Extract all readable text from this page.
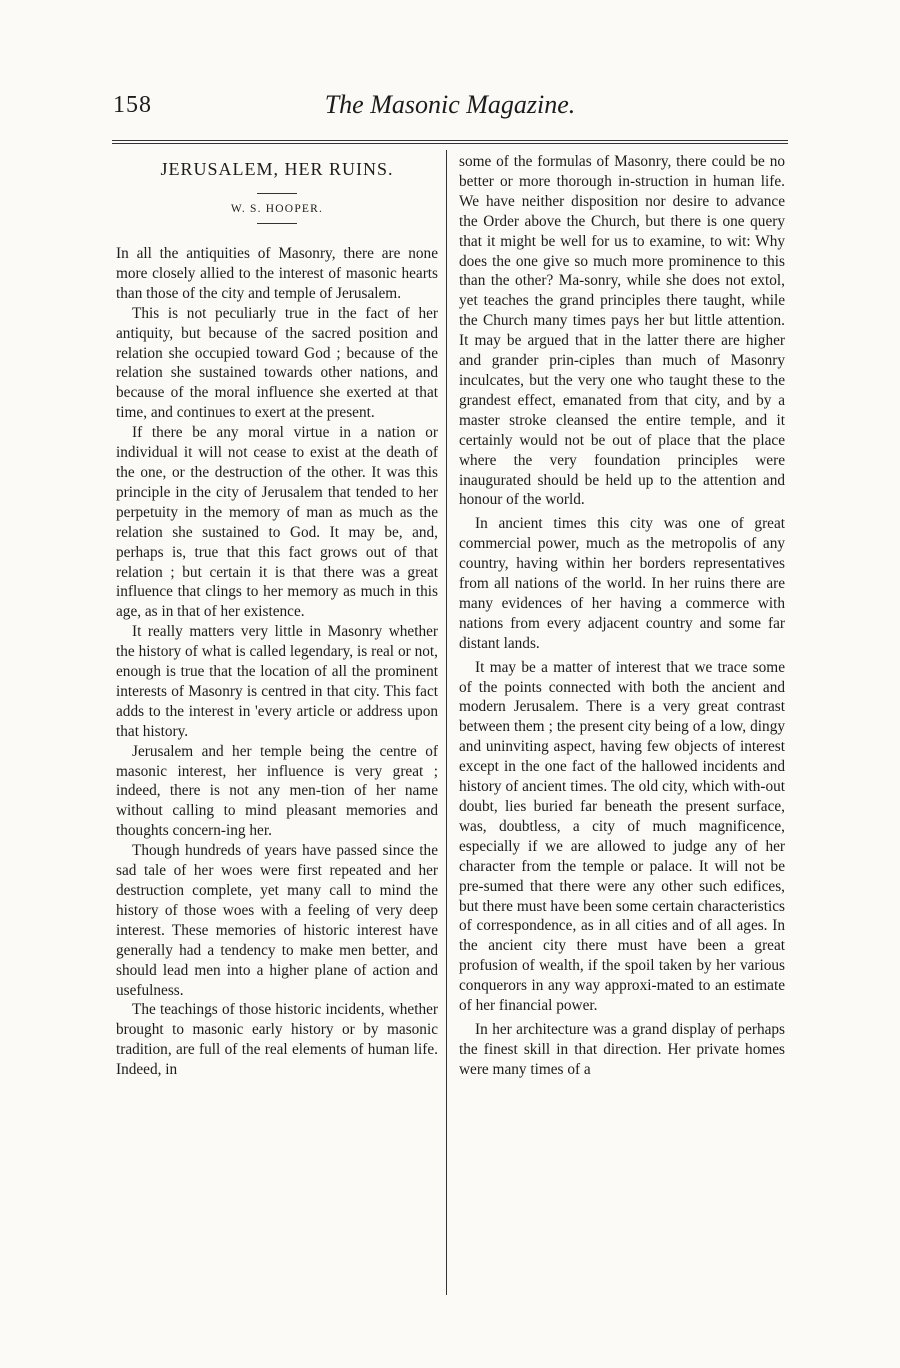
158	The Masonic Magazine.
JERUSALEM, HER RUINS.
W. S. HOOPER.

In all the antiquities of Masonry, there are none more closely allied to the interest of masonic hearts than those of the city and temple of Jerusalem.

This is not peculiarly true in the fact of her antiquity, but because of the sacred position and relation she occupied toward God ; because of the relation she sustained towards other nations, and because of the moral influence she exerted at that time, and continues to exert at the present.

If there be any moral virtue in a nation or individual it will not cease to exist at the death of the one, or the destruction of the other. It was this principle in the city of Jerusalem that tended to her perpetuity in the memory of man as much as the relation she sustained to God. It may be, and, perhaps is, true that this fact grows out of that relation ; but certain it is that there was a great influence that clings to her memory as much in this age, as in that of her existence.

It really matters very little in Masonry whether the history of what is called legendary, is real or not, enough is true that the location of all the prominent interests of Masonry is centred in that city. This fact adds to the interest in 'every article or address upon that history.

Jerusalem and her temple being the centre of masonic interest, her influence is very great ; indeed, there is not any men-tion of her name without calling to mind pleasant memories and thoughts concern-ing her.

Though hundreds of years have passed since the sad tale of her woes were first repeated and her destruction complete, yet many call to mind the history of those woes with a feeling of very deep interest. These memories of historic interest have generally had a tendency to make men better, and should lead men into a higher plane of action and usefulness.

The teachings of those historic incidents, whether brought to masonic early history or by masonic tradition, are full of the real elements of human life. Indeed, in

some of the formulas of Masonry, there could be no better or more thorough in-struction in human life. We have neither disposition nor desire to advance the Order above the Church, but there is one query that it might be well for us to examine, to wit: Why does the one give so much more prominence to this than the other? Ma-sonry, while she does not extol, yet teaches the grand principles there taught, while the Church many times pays her but little attention. It may be argued that in the latter there are higher and grander prin-ciples than much of Masonry inculcates, but the very one who taught these to the grandest effect, emanated from that city, and by a master stroke cleansed the entire temple, and it certainly would not be out of place that the place where the very foundation principles were inaugurated should be held up to the attention and honour of the world.

In ancient times this city was one of great commercial power, much as the metropolis of any country, having within her borders representatives from all nations of the world. In her ruins there are many evidences of her having a commerce with nations from every adjacent country and some far distant lands.

It may be a matter of interest that we trace some of the points connected with both the ancient and modern Jerusalem. There is a very great contrast between them ; the present city being of a low, dingy and uninviting aspect, having few objects of interest except in the one fact of the hallowed incidents and history of ancient times. The old city, which with-out doubt, lies buried far beneath the present surface, was, doubtless, a city of much magnificence, especially if we are allowed to judge any of her character from the temple or palace. It will not be pre-sumed that there were any other such edifices, but there must have been some certain characteristics of correspondence, as in all cities and of all ages. In the ancient city there must have been a great profusion of wealth, if the spoil taken by her various conquerors in any way approxi-mated to an estimate of her financial power.

In her architecture was a grand display of perhaps the finest skill in that direction. Her private homes were many times of a
